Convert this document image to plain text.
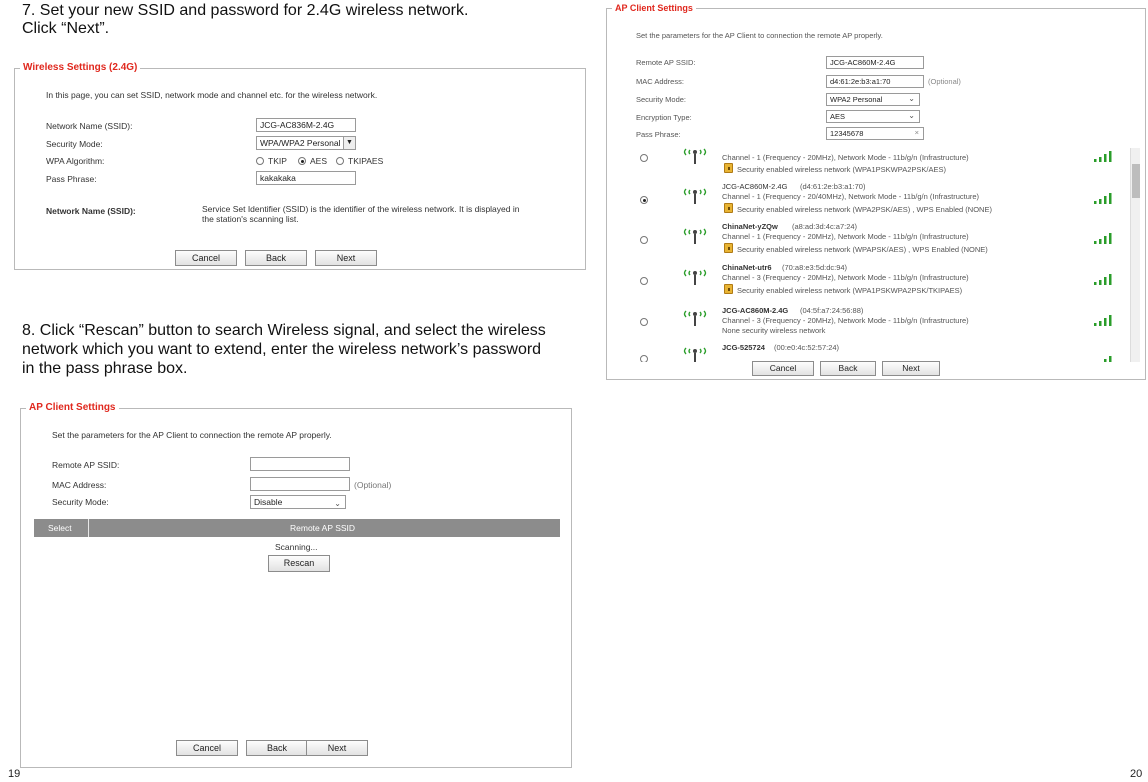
7. Set your new SSID and password for 2.4G wireless network.
Click “Next”.
Wireless Settings (2.4G)
In this page, you can set SSID, network mode and channel etc. for the wireless network.
Network Name (SSID):	JCG-AC836M-2.4G
Security Mode:	WPA/WPA2 Personal ▼
WPA Algorithm:	TKIP	AES TKIPAES
Pass Phrase:	kakakaka
Network Name (SSID):	Service Set Identifier (SSID) is the identifier of the wireless network. It is displayed in
the station's scanning list.
Cancel	Back	Next
8. Click “Rescan” button to search Wireless signal, and select the wireless
network which you want to extend, enter the wireless network’s password
in the pass phrase box.
AP Client Settings
Set the parameters for the AP Client to connection the remote AP properly.
Remote AP SSID:
MAC Address:	(Optional)
Security Mode:	Disable	⌄
Select	Remote AP SSID
Scanning...
Rescan
Cancel	Back	Next
19
AP Client Settings
Set the parameters for the AP Client to connection the remote AP properly.
Remote AP SSID:	JCG-AC860M-2.4G
MAC Address:	d4:61:2e:b3:a1:70	(Optional)
Security Mode:	WPA2 Personal	⌄
Encryption Type:	AES	⌄
Pass Phrase:	12345678	×
Channel - 1 (Frequency - 20MHz), Network Mode - 11b/g/n (Infrastructure)
Security enabled wireless network (WPA1PSKWPA2PSK/AES)
JCG-AC860M-2.4G (d4:61:2e:b3:a1:70)
Channel - 1 (Frequency - 20/40MHz), Network Mode - 11b/g/n (Infrastructure)
Security enabled wireless network (WPA2PSK/AES) , WPS Enabled (NONE)
ChinaNet-yZQw (a8:ad:3d:4c:a7:24)
Channel - 1 (Frequency - 20MHz), Network Mode - 11b/g/n (Infrastructure)
Security enabled wireless network (WPAPSK/AES) , WPS Enabled (NONE)
ChinaNet-utr6 (70:a8:e3:5d:dc:94)
Channel - 3 (Frequency - 20MHz), Network Mode - 11b/g/n (Infrastructure)
Security enabled wireless network (WPA1PSKWPA2PSK/TKIPAES)
JCG-AC860M-2.4G (04:5f:a7:24:56:88)
Channel - 3 (Frequency - 20MHz), Network Mode - 11b/g/n (Infrastructure)
None security wireless network
JCG-525724 (00:e0:4c:52:57:24)
Cancel	Back	Next
20
